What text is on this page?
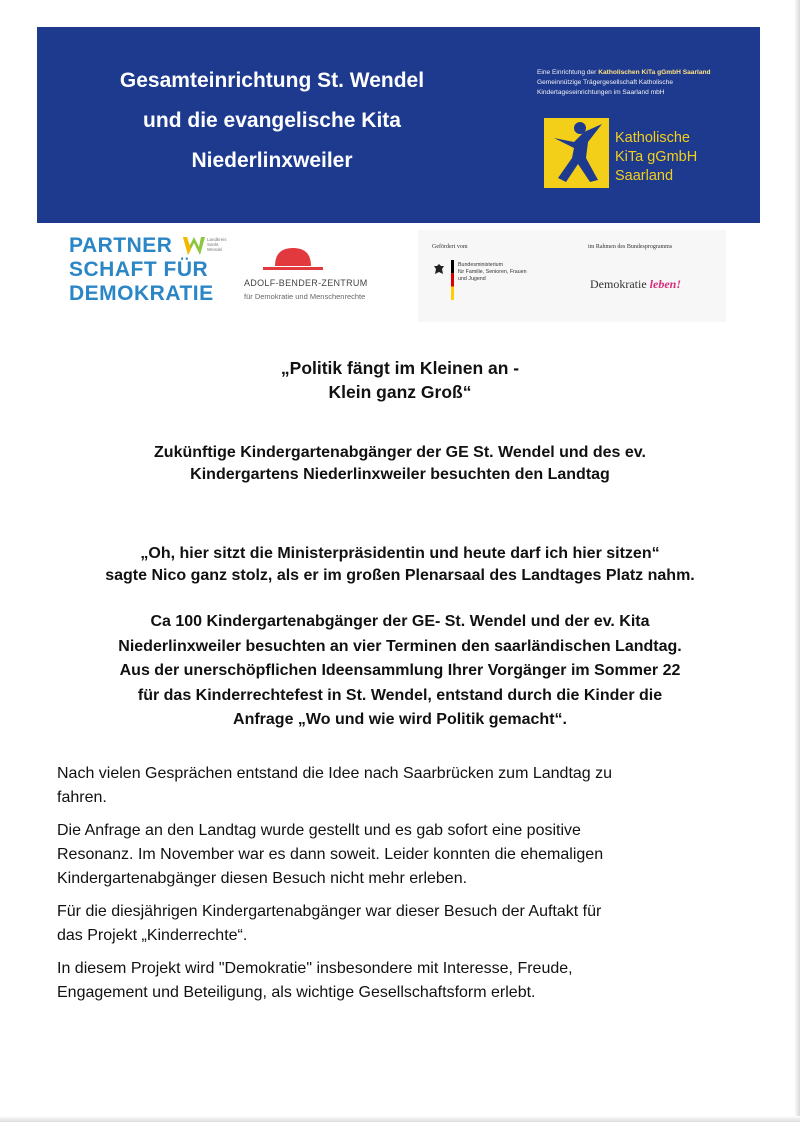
Gesamteinrichtung St. Wendel
und die evangelische Kita
Niederlinxweiler
Eine Einrichtung der Katholischen KiTa gGmbH Saarland
Gemeinnützige Trägergesellschaft Katholische
Kindertageseinrichtungen im Saarland mbH
Katholische
KiTa gGmbH
Saarland
PARTNER
SCHAFT FÜR
DEMOKRATIE
Landkreis
Sankt
Wendel
ADOLF-BENDER-ZENTRUM
für Demokratie und Menschenrechte
Gefördert vom	im Rahmen des Bundesprogramms
Bundesministerium
für Familie, Senioren, Frauen
und Jugend	Demokratie leben!
„Politik fängt im Kleinen an -
Klein ganz Groß“
Zukünftige Kindergartenabgänger der GE St. Wendel und des ev.
Kindergartens Niederlinxweiler besuchten den Landtag
„Oh, hier sitzt die Ministerpräsidentin und heute darf ich hier sitzen“
sagte Nico ganz stolz, als er im großen Plenarsaal des Landtages Platz nahm.
Ca 100 Kindergartenabgänger der GE- St. Wendel und der ev. Kita
Niederlinxweiler besuchten an vier Terminen den saarländischen Landtag.
Aus der unerschöpflichen Ideensammlung Ihrer Vorgänger im Sommer 22
für das Kinderrechtefest in St. Wendel, entstand durch die Kinder die
Anfrage „Wo und wie wird Politik gemacht“.

Nach vielen Gesprächen entstand die Idee nach Saarbrücken zum Landtag zu
fahren.

Die Anfrage an den Landtag wurde gestellt und es gab sofort eine positive
Resonanz. Im November war es dann soweit. Leider konnten die ehemaligen
Kindergartenabgänger diesen Besuch nicht mehr erleben.

Für die diesjährigen Kindergartenabgänger war dieser Besuch der Auftakt für
das Projekt „Kinderrechte“.

In diesem Projekt wird "Demokratie" insbesondere mit Interesse, Freude,
Engagement und Beteiligung, als wichtige Gesellschaftsform erlebt.
